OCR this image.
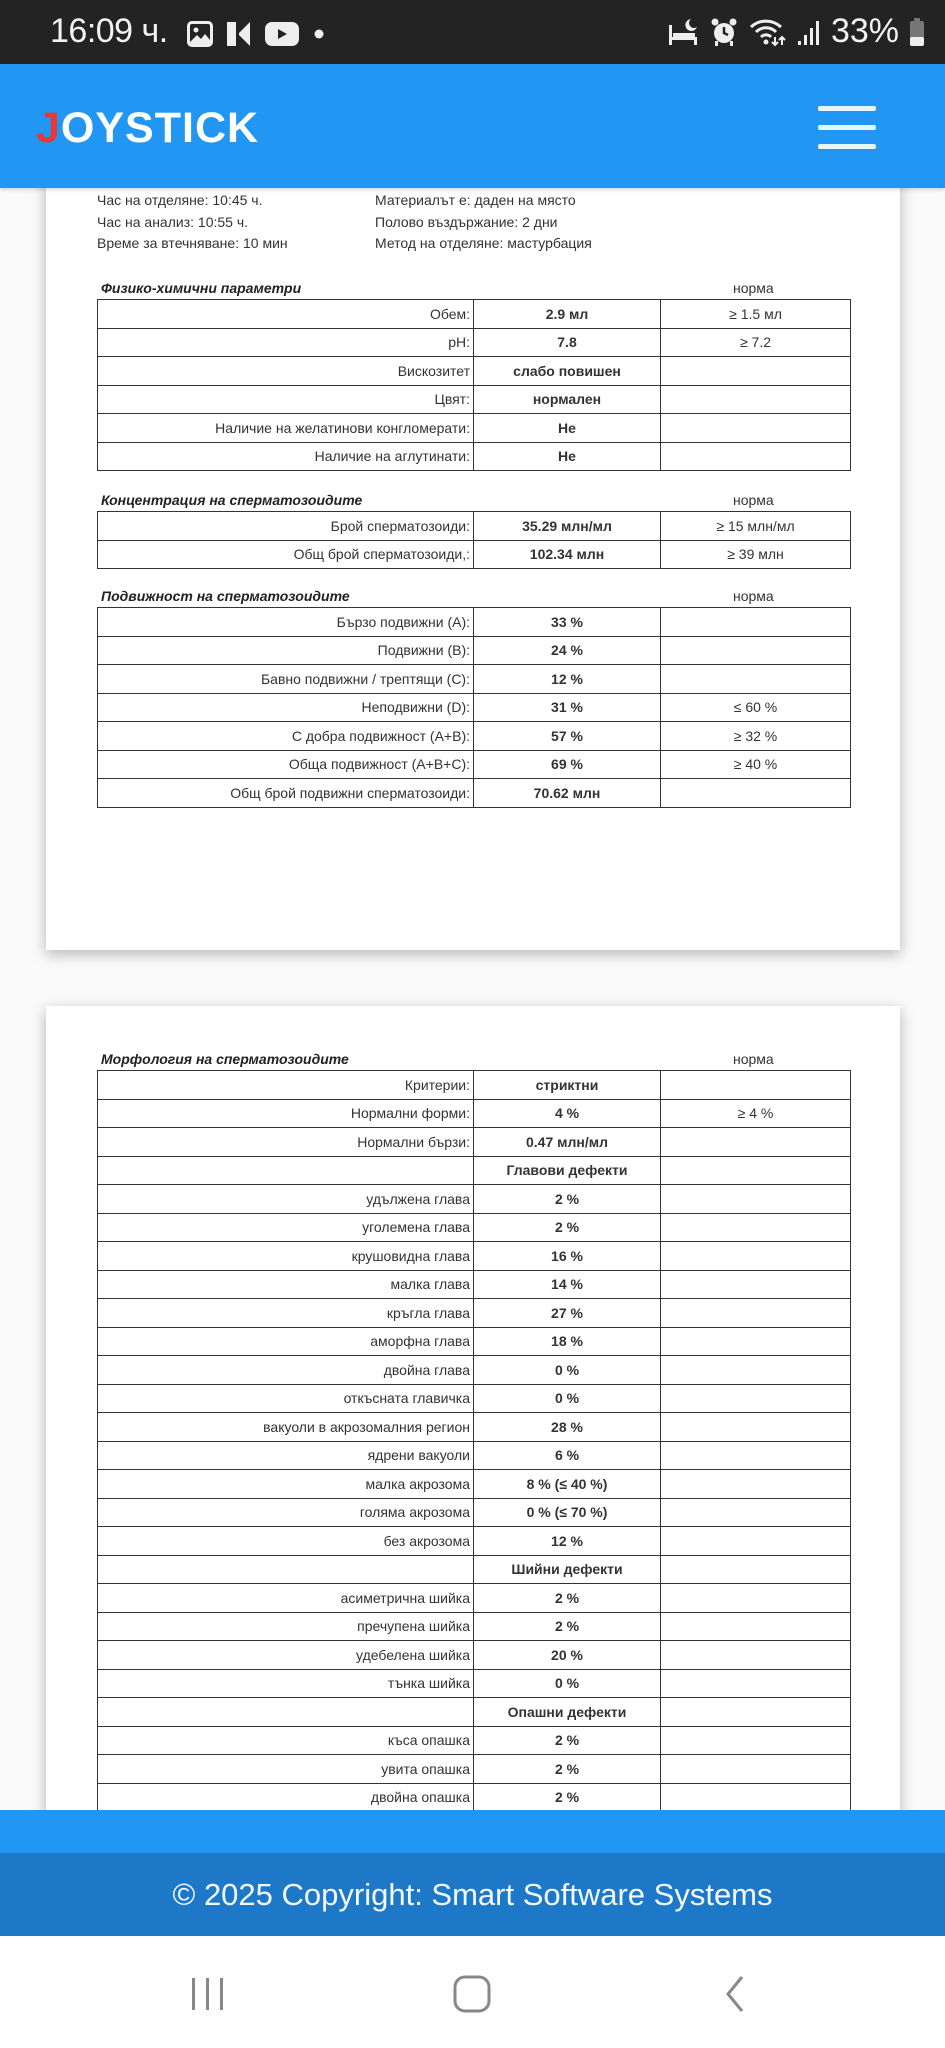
16:09 ч.	33%
JOYSTICK
Час на отделяне: 10:45 ч.
Час на анализ: 10:55 ч.
Време за втечняване: 10 мин
Материалът е: даден на място
Полово въздържание: 2 дни
Метод на отделяне: мастурбация
Физико-химични параметри	норма
Обем:	2.9 мл	≥ 1.5 мл
pH:	7.8	≥ 7.2
Вискозитет	слабо повишен	
Цвят:	нормален	
Наличие на желатинови конгломерати:	Не	
Наличие на аглутинати:	Не	
Концентрация на сперматозоидите	норма
Брой сперматозоиди:	35.29 млн/мл	≥ 15 млн/мл
Общ брой сперматозоиди,:	102.34 млн	≥ 39 млн
Подвижност на сперматозоидите	норма
Бързо подвижни (A):	33 %	
Подвижни (B):	24 %	
Бавно подвижни / трептящи (C):	12 %	
Неподвижни (D):	31 %	≤ 60 %
С добра подвижност (A+B):	57 %	≥ 32 %
Обща подвижност (A+B+C):	69 %	≥ 40 %
Общ брой подвижни сперматозоиди:	70.62 млн	
Морфология на сперматозоидите	норма
Критерии:	стриктни	
Нормални форми:	4 %	≥ 4 %
Нормални бързи:	0.47 млн/мл	
	Главови дефекти	
удължена глава	2 %	
уголемена глава	2 %	
крушовидна глава	16 %	
малка глава	14 %	
кръгла глава	27 %	
аморфна глава	18 %	
двойна глава	0 %	
откъсната главичка	0 %	
вакуоли в акрозомалния регион	28 %	
ядрени вакуоли	6 %	
малка акрозома	8 % (≤ 40 %)	
голяма акрозома	0 % (≤ 70 %)	
без акрозома	12 %	
	Шийни дефекти	
асиметрична шийка	2 %	
пречупена шийка	2 %	
удебелена шийка	20 %	
тънка шийка	0 %	
	Опашни дефекти	
къса опашка	2 %	
увита опашка	2 %	
двойна опашка	2 %	
© 2025 Copyright: Smart Software Systems
